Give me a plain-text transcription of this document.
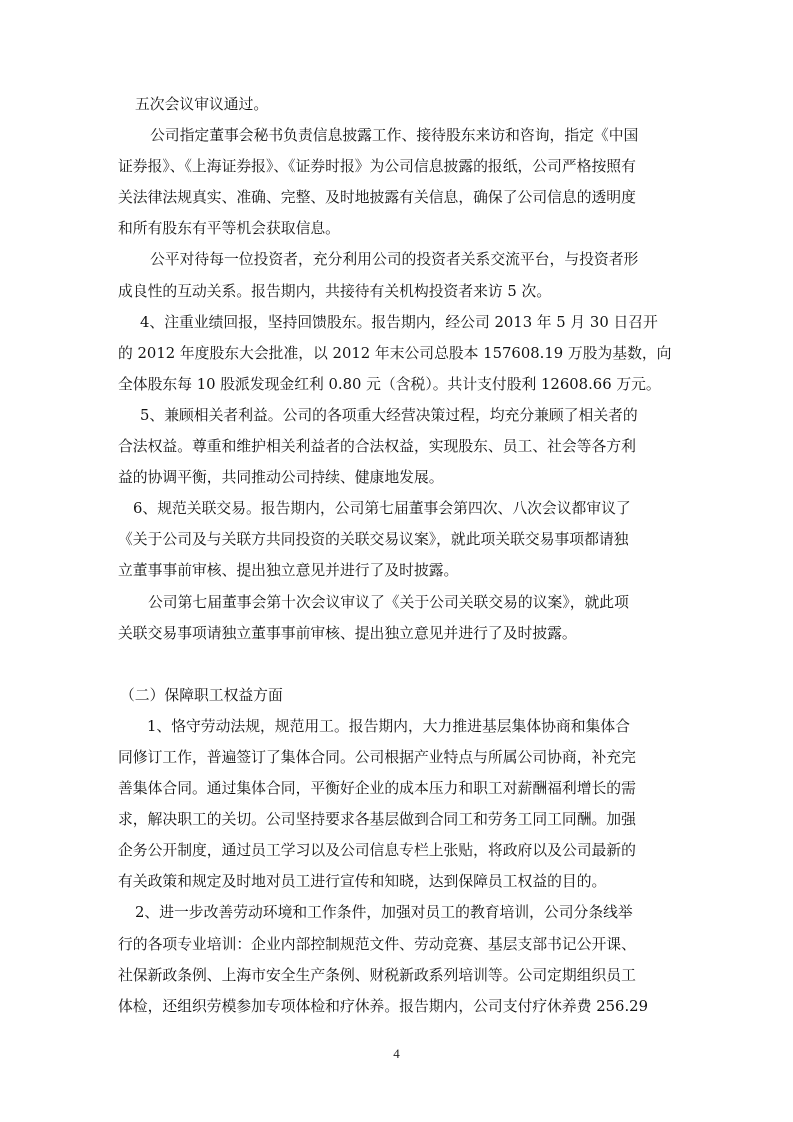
五次会议审议通过。
公司指定董事会秘书负责信息披露工作、接待股东来访和咨询，指定《中国
证券报》、《上海证券报》、《证券时报》为公司信息披露的报纸，公司严格按照有
关法律法规真实、准确、完整、及时地披露有关信息，确保了公司信息的透明度
和所有股东有平等机会获取信息。
公平对待每一位投资者，充分利用公司的投资者关系交流平台，与投资者形
成良性的互动关系。报告期内，共接待有关机构投资者来访 5 次。
4、注重业绩回报，坚持回馈股东。报告期内，经公司 2013 年 5 月 30 日召开
的 2012 年度股东大会批准，以 2012 年末公司总股本 157608.19 万股为基数，向
全体股东每 10 股派发现金红利 0.80 元（含税）。共计支付股利 12608.66 万元。
5、兼顾相关者利益。公司的各项重大经营决策过程，均充分兼顾了相关者的
合法权益。尊重和维护相关利益者的合法权益，实现股东、员工、社会等各方利
益的协调平衡，共同推动公司持续、健康地发展。
6、规范关联交易。报告期内，公司第七届董事会第四次、八次会议都审议了
《关于公司及与关联方共同投资的关联交易议案》，就此项关联交易事项都请独
立董事事前审核、提出独立意见并进行了及时披露。
公司第七届董事会第十次会议审议了《关于公司关联交易的议案》，就此项
关联交易事项请独立董事事前审核、提出独立意见并进行了及时披露。
（二）保障职工权益方面
1、恪守劳动法规，规范用工。报告期内，大力推进基层集体协商和集体合
同修订工作，普遍签订了集体合同。公司根据产业特点与所属公司协商，补充完
善集体合同。通过集体合同，平衡好企业的成本压力和职工对薪酬福利增长的需
求，解决职工的关切。公司坚持要求各基层做到合同工和劳务工同工同酬。加强
企务公开制度，通过员工学习以及公司信息专栏上张贴，将政府以及公司最新的
有关政策和规定及时地对员工进行宣传和知晓，达到保障员工权益的目的。
2、进一步改善劳动环境和工作条件，加强对员工的教育培训，公司分条线举
行的各项专业培训：企业内部控制规范文件、劳动竞赛、基层支部书记公开课、
社保新政条例、上海市安全生产条例、财税新政系列培训等。公司定期组织员工
体检，还组织劳模参加专项体检和疗休养。报告期内，公司支付疗休养费 256.29
4
